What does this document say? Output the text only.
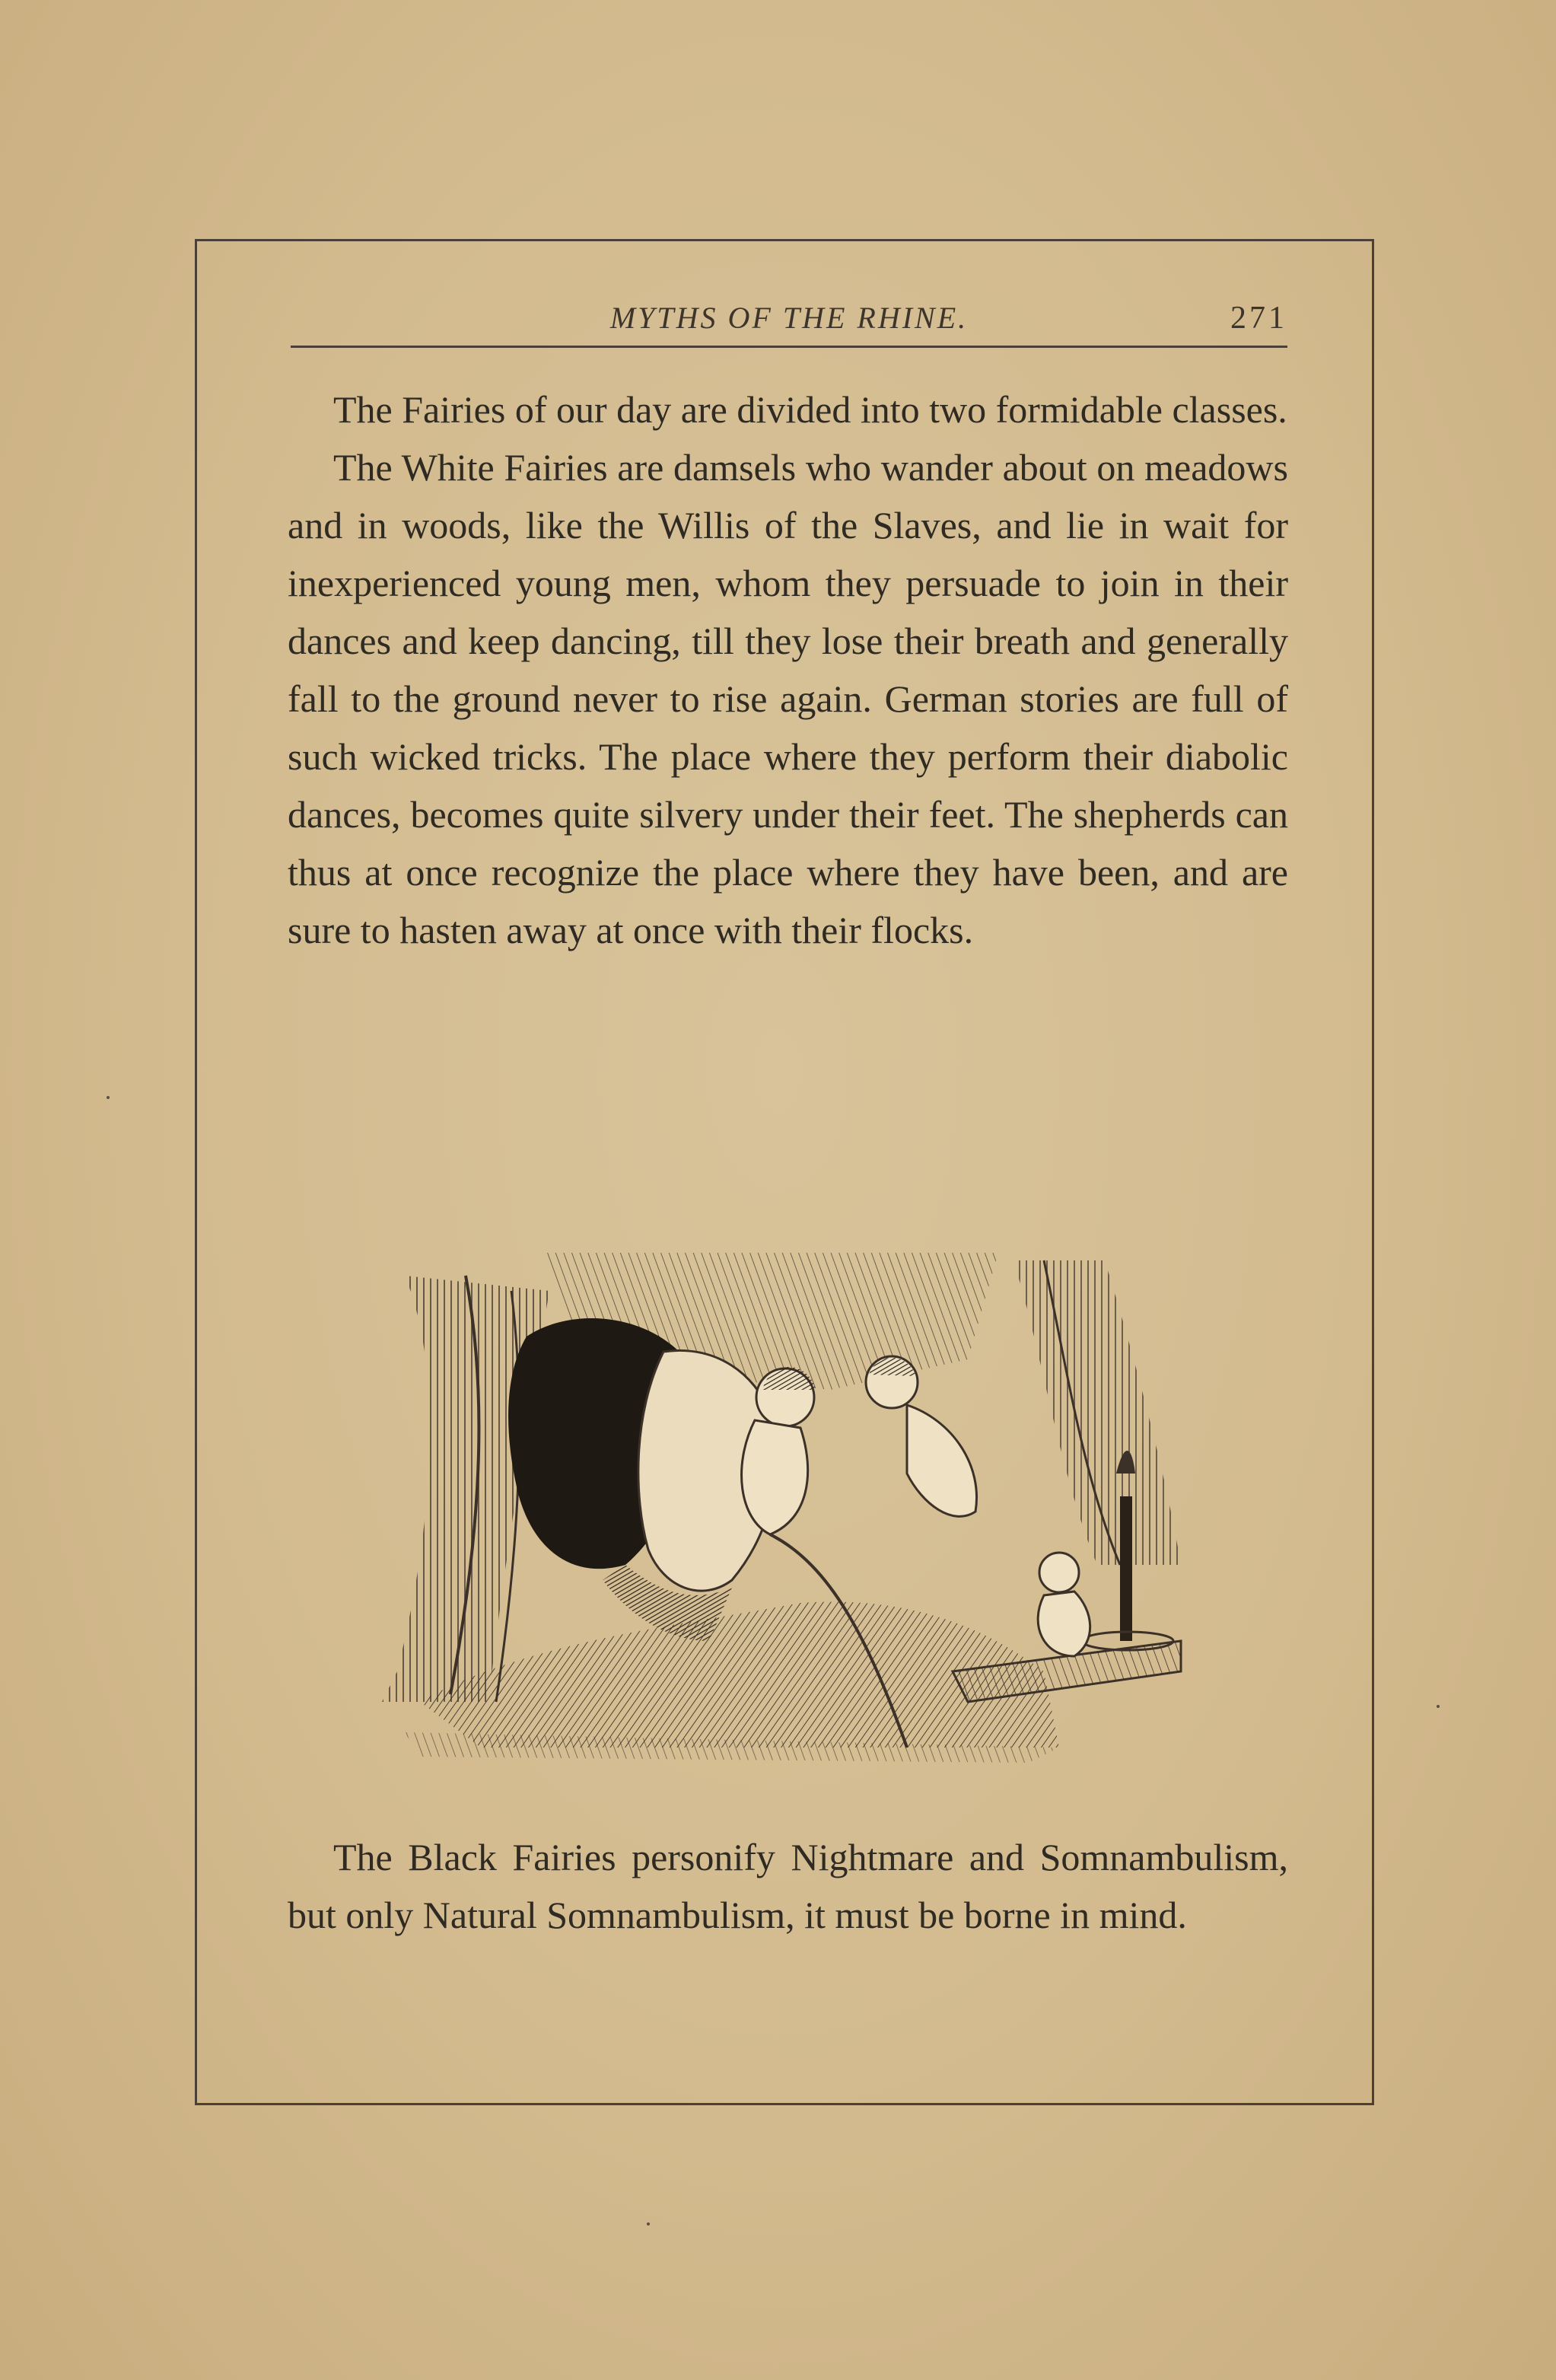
MYTHS OF THE RHINE.	271

The Fairies of our day are divided into two formidable classes.

The White Fairies are damsels who wander about on meadows and in woods, like the Willis of the Slaves, and lie in wait for inexperienced young men, whom they persuade to join in their dances and keep dancing, till they lose their breath and generally fall to the ground never to rise again. German stories are full of such wicked tricks. The place where they perform their diabolic dances, becomes quite silvery under their feet. The shepherds can thus at once recognize the place where they have been, and are sure to hasten away at once with their flocks.

The Black Fairies personify Nightmare and Somnambulism, but only Natural Somnambulism, it must be borne in mind.
